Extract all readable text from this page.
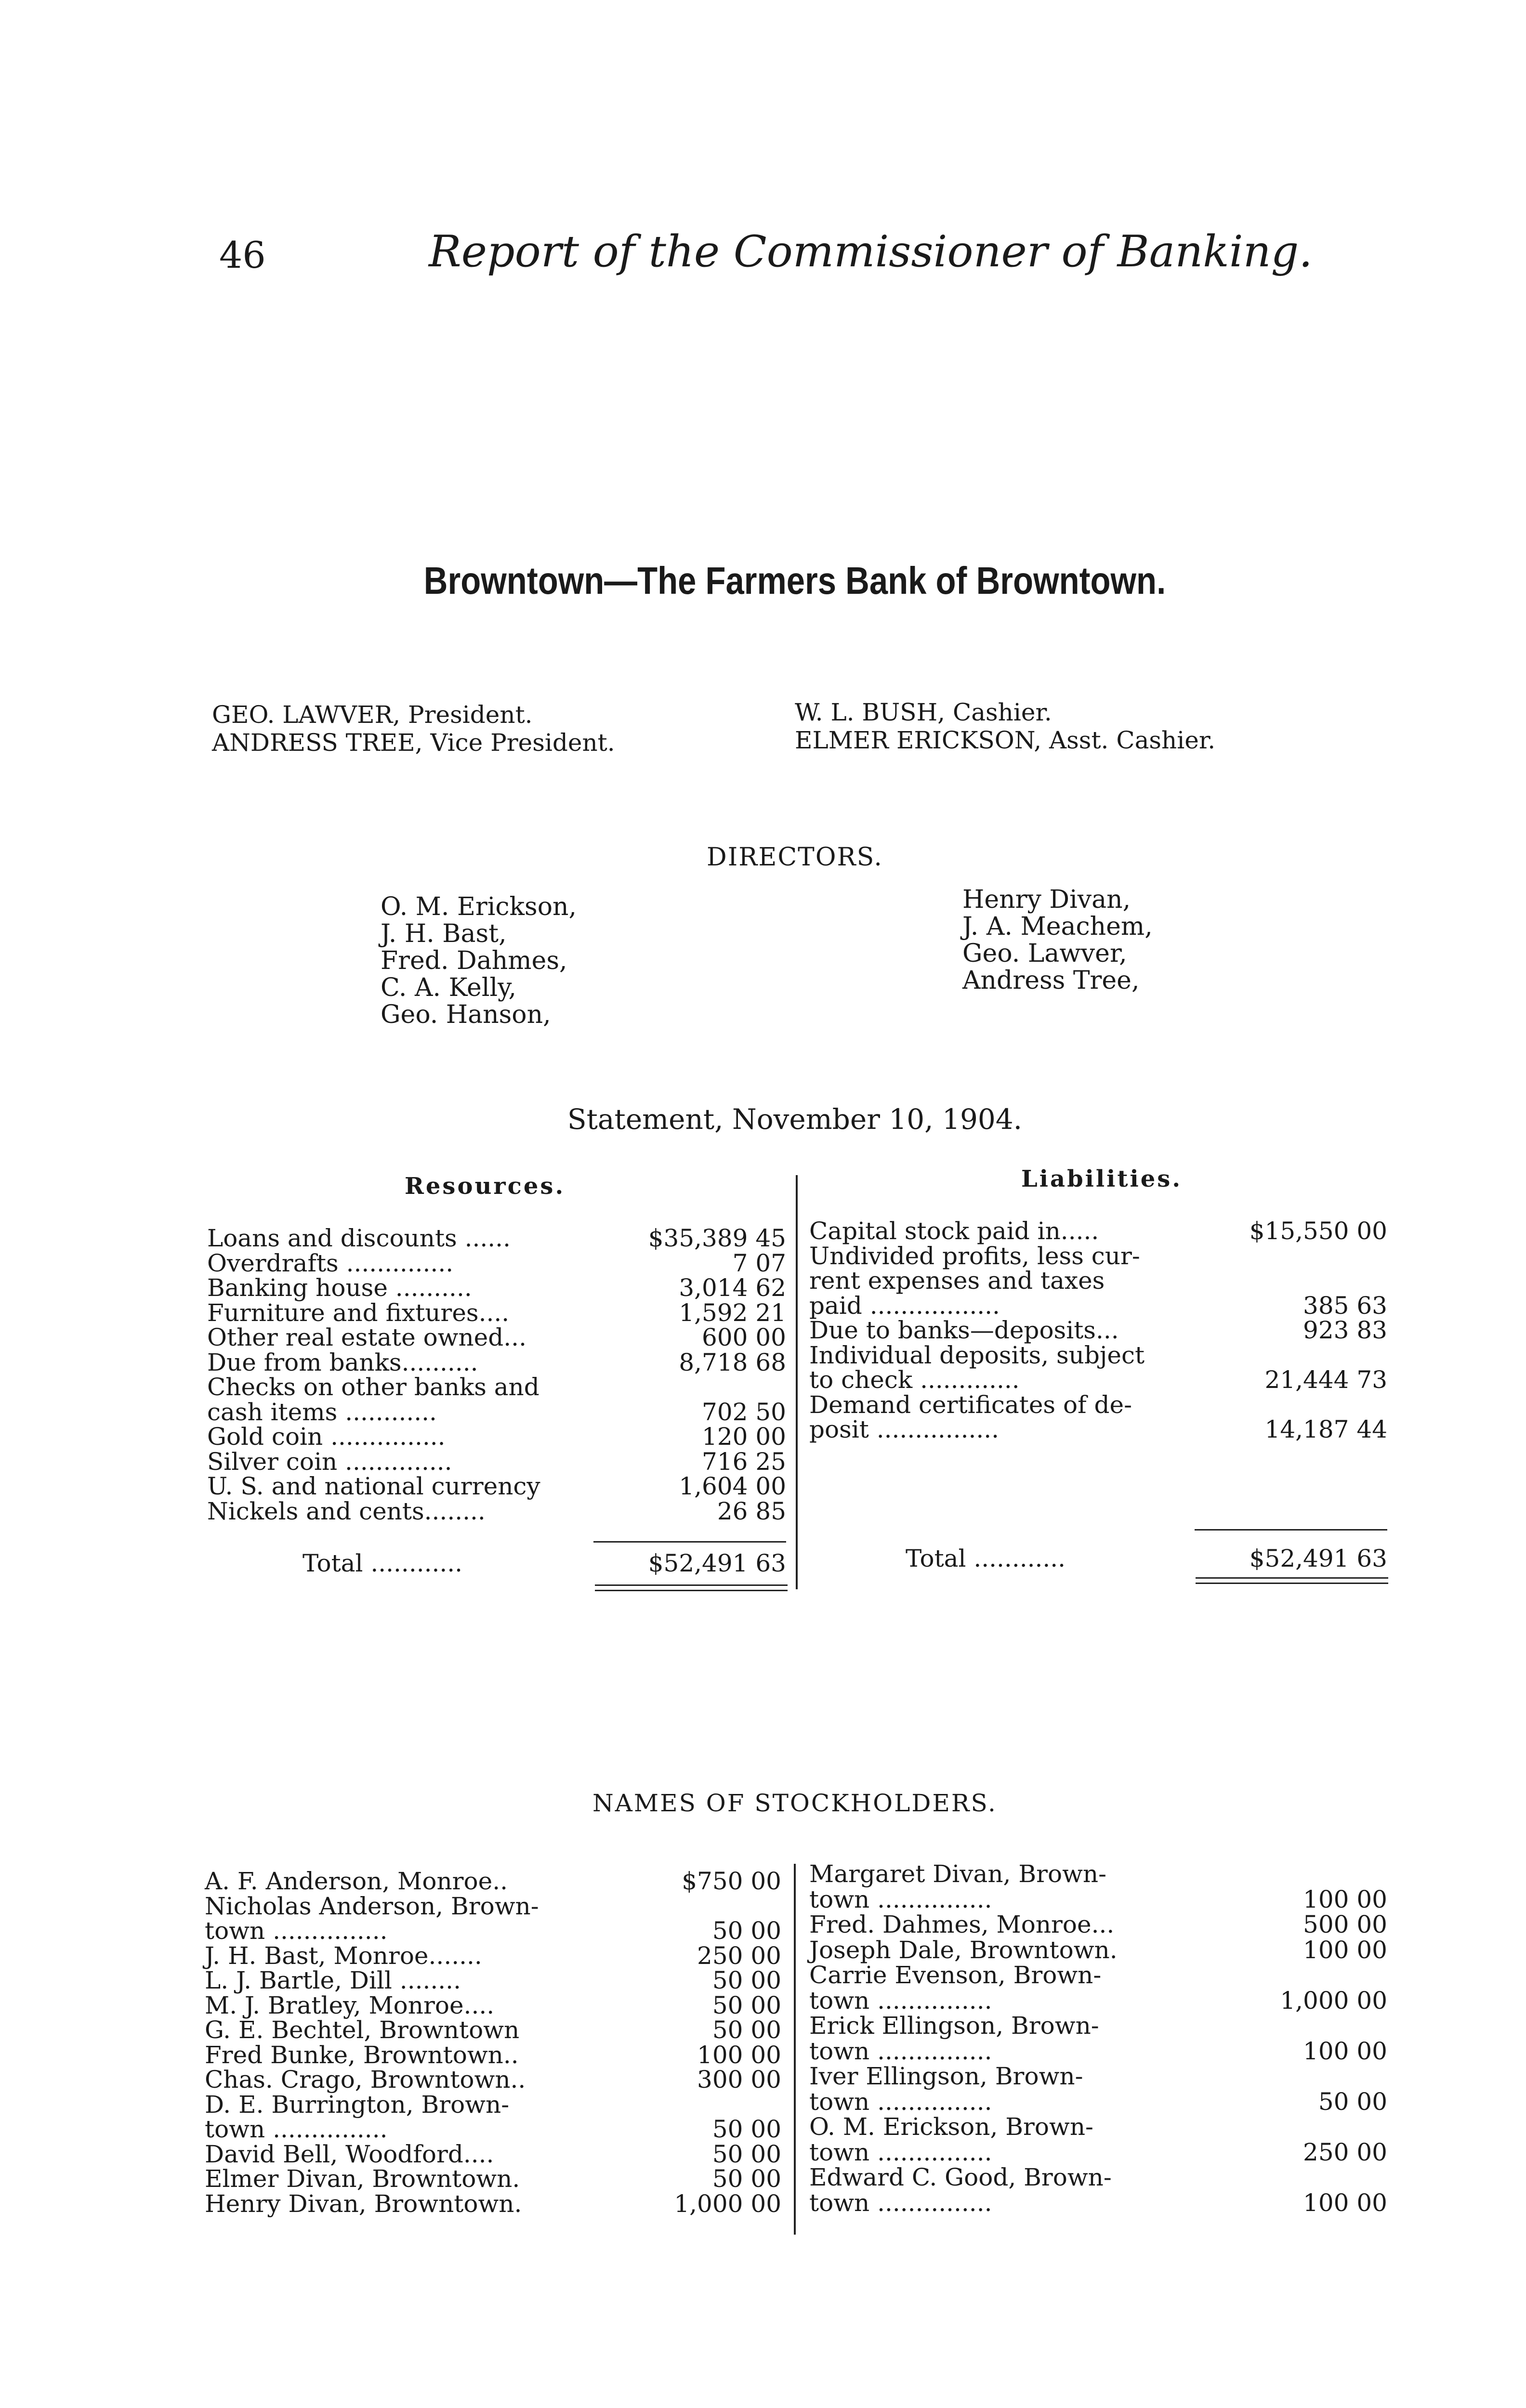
46	Report of the Commissioner of Banking.
Browntown—The Farmers Bank of Browntown.
GEO. LAWVER, President.
ANDRESS TREE, Vice President.
W. L. BUSH, Cashier.
ELMER ERICKSON, Asst. Cashier.
DIRECTORS.
O. M. Erickson,
J. H. Bast,
Fred. Dahmes,
C. A. Kelly,
Geo. Hanson,
Henry Divan,
J. A. Meachem,
Geo. Lawver,
Andress Tree,
Statement, November 10, 1904.
Resources.	Liabilities.
Loans and discounts ......	$35,389 45
Overdrafts ..............	7 07
Banking house ..........	3,014 62
Furniture and fixtures....	1,592 21
Other real estate owned...	600 00
Due from banks..........	8,718 68
Checks on other banks and
cash items ............	702 50
Gold coin ...............	120 00
Silver coin ..............	716 25
U. S. and national currency	1,604 00
Nickels and cents........	26 85
Capital stock paid in.....	$15,550 00
Undivided profits, less cur-
rent expenses and taxes
paid .................	385 63
Due to banks—deposits...	923 83
Individual deposits, subject
to check .............	21,444 73
Demand certificates of de-
posit ................	14,187 44
Total ............	$52,491 63	Total ............	$52,491 63
NAMES OF STOCKHOLDERS.
A. F. Anderson, Monroe..	$750 00
Nicholas Anderson, Brown-
town ...............	50 00
J. H. Bast, Monroe.......	250 00
L. J. Bartle, Dill ........	50 00
M. J. Bratley, Monroe....	50 00
G. E. Bechtel, Browntown	50 00
Fred Bunke, Browntown..	100 00
Chas. Crago, Browntown..	300 00
D. E. Burrington, Brown-
town ...............	50 00
David Bell, Woodford....	50 00
Elmer Divan, Browntown.	50 00
Henry Divan, Browntown.	1,000 00
Margaret Divan, Brown-
town ...............	100 00
Fred. Dahmes, Monroe...	500 00
Joseph Dale, Browntown.	100 00
Carrie Evenson, Brown-
town ...............	1,000 00
Erick Ellingson, Brown-
town ...............	100 00
Iver Ellingson, Brown-
town ...............	50 00
O. M. Erickson, Brown-
town ...............	250 00
Edward C. Good, Brown-
town ...............	100 00
